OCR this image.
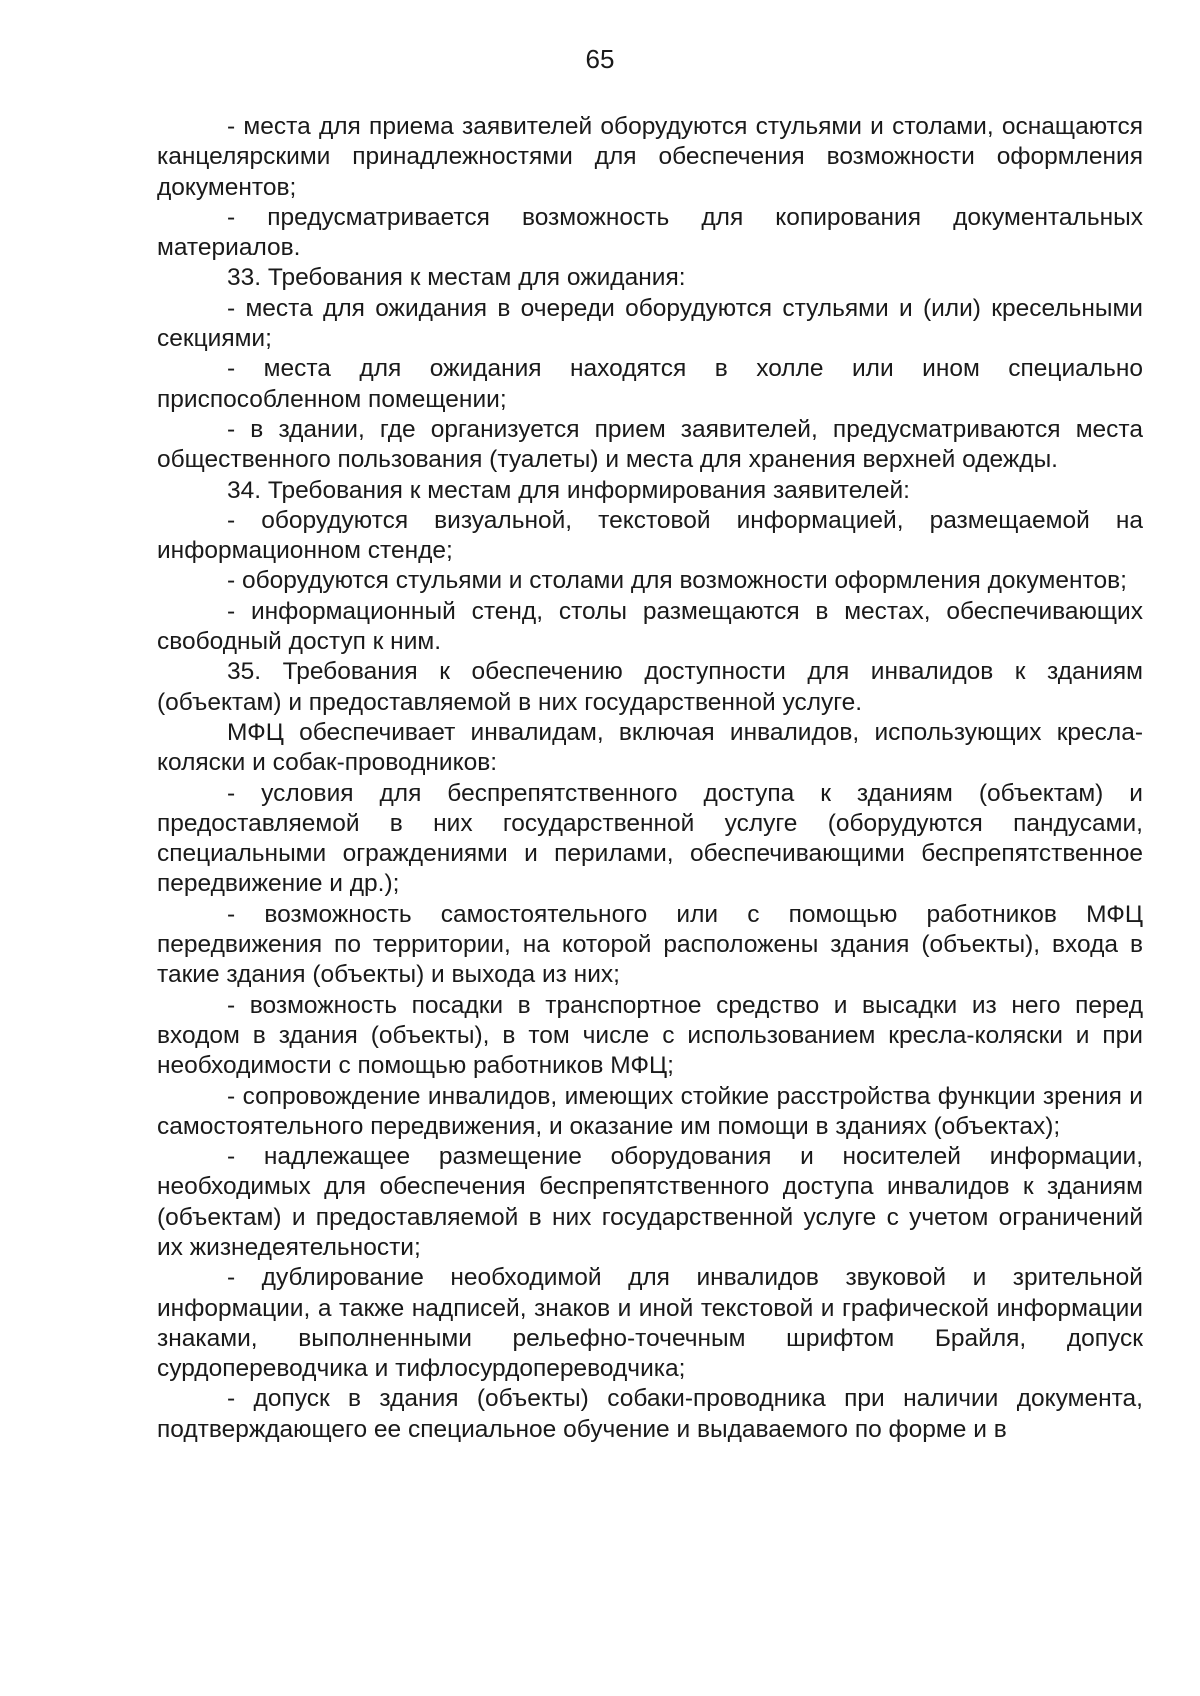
65

- места для приема заявителей оборудуются стульями и столами, оснащаются канцелярскими принадлежностями для обеспечения возможности оформления документов;

- предусматривается возможность для копирования документальных материалов.

33. Требования к местам для ожидания:

- места для ожидания в очереди оборудуются стульями и (или) кресельными секциями;

- места для ожидания находятся в холле или ином специально приспособленном помещении;

- в здании, где организуется прием заявителей, предусматриваются места общественного пользования (туалеты) и места для хранения верхней одежды.

34. Требования к местам для информирования заявителей:

- оборудуются визуальной, текстовой информацией, размещаемой на информационном стенде;

- оборудуются стульями и столами для возможности оформления документов;

- информационный стенд, столы размещаются в местах, обеспечивающих свободный доступ к ним.

35. Требования к обеспечению доступности для инвалидов к зданиям (объектам) и предоставляемой в них государственной услуге.

МФЦ обеспечивает инвалидам, включая инвалидов, использующих кресла-коляски и собак-проводников:

- условия для беспрепятственного доступа к зданиям (объектам) и предоставляемой в них государственной услуге (оборудуются пандусами, специальными ограждениями и перилами, обеспечивающими беспрепятственное передвижение и др.);

- возможность самостоятельного или с помощью работников МФЦ передвижения по территории, на которой расположены здания (объекты), входа в такие здания (объекты) и выхода из них;

- возможность посадки в транспортное средство и высадки из него перед входом в здания (объекты), в том числе с использованием кресла-коляски и при необходимости с помощью работников МФЦ;

- сопровождение инвалидов, имеющих стойкие расстройства функции зрения и самостоятельного передвижения, и оказание им помощи в зданиях (объектах);

- надлежащее размещение оборудования и носителей информации, необходимых для обеспечения беспрепятственного доступа инвалидов к зданиям (объектам) и предоставляемой в них государственной услуге с учетом ограничений их жизнедеятельности;

- дублирование необходимой для инвалидов звуковой и зрительной информации, а также надписей, знаков и иной текстовой и графической информации знаками, выполненными рельефно-точечным шрифтом Брайля, допуск сурдопереводчика и тифлосурдопереводчика;

- допуск в здания (объекты) собаки-проводника при наличии документа, подтверждающего ее специальное обучение и выдаваемого по форме и в
